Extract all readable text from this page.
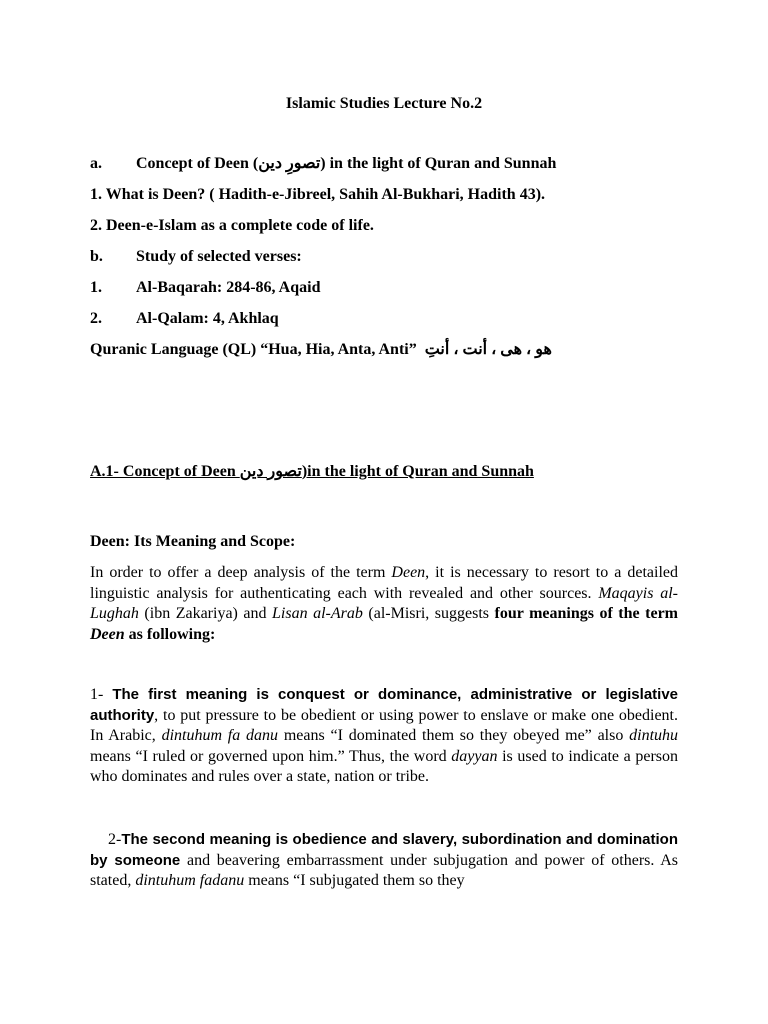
Islamic Studies Lecture No.2
a. Concept of Deen (تصورِ دین) in the light of Quran and Sunnah
1. What is Deen? ( Hadith-e-Jibreel, Sahih Al-Bukhari, Hadith 43).
2. Deen-e-Islam as a complete code of life.
b. Study of selected verses:
1. Al-Baqarah: 284-86, Aqaid
2. Al-Qalam: 4, Akhlaq
Quranic Language (QL) “Hua, Hia, Anta, Anti” هو ، هی ، أنت ، أنتِ
A.1- Concept of Deen تصور دین)in the light of Quran and Sunnah
Deen: Its Meaning and Scope:
In order to offer a deep analysis of the term Deen, it is necessary to resort to a detailed linguistic analysis for authenticating each with revealed and other sources. Maqayis al-Lughah (ibn Zakariya) and Lisan al-Arab (al-Misri, suggests four meanings of the term Deen as following:
1- The first meaning is conquest or dominance, administrative or legislative authority, to put pressure to be obedient or using power to enslave or make one obedient. In Arabic, dintuhum fa danu means “I dominated them so they obeyed me” also dintuhu means “I ruled or governed upon him.” Thus, the word dayyan is used to indicate a person who dominates and rules over a state, nation or tribe.
2-The second meaning is obedience and slavery, subordination and domination by someone and beavering embarrassment under subjugation and power of others. As stated, dintuhum fadanu means “I subjugated them so they
